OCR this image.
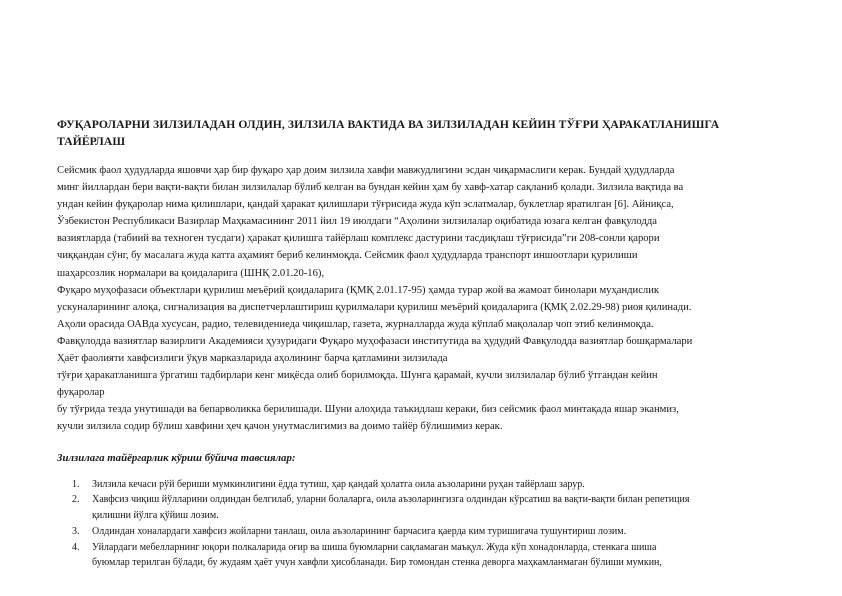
ФУҚАРОЛАРНИ ЗИЛЗИЛАДАН ОЛДИН, ЗИЛЗИЛА ВАКТИДА ВА ЗИЛЗИЛАДАН КЕЙИН ТЎҒРИ ҲАРАКАТЛАНИШГА
ТАЙЁРЛАШ
Сейсмик фаол ҳудудларда яшовчи ҳар бир фуқаро ҳар доим зилзила хавфи мавжудлигини эсдан чиқармаслиги керак. Бундай ҳудудларда
минг йиллардан бери вақти-вақти билан зилзилалар бўлиб келган ва бундан кейин ҳам бу хавф-хатар сақланиб қолади. Зилзила вақтида ва
ундан кейин фуқаролар нима қилишлари, қандай ҳаракат қилишлари тўғрисида жуда кўп эслатмалар, буклетлар яратилган [6]. Айниқса,
Ўзбекистон Республикаси Вазирлар Маҳкамасининг 2011 йил 19 июлдаги “Аҳолини зилзилалар оқибатида юзага келган фавқулодда
вазиятларда (табиий ва техноген тусдаги) ҳаракат қилишга тайёрлаш комплекс дастурини тасдиқлаш тўғрисида”ги 208-сонли қарори
чиққандан сўнг, бу масалага жуда катта аҳамият бериб келинмоқда. Сейсмик фаол ҳудудларда транспорт иншоотлари қурилиши
шаҳарсозлик нормалари ва қоидаларига (ШНҚ 2.01.20-16),
Фуқаро муҳофазаси объектлари қурилиш меъёрий қоидаларига (ҚМҚ 2.01.17-95) ҳамда турар жой ва жамоат бинолари муҳандислик
ускуналарининг алоқа, сигнализация ва диспетчерлаштириш қурилмалари қурилиш меъёрий қоидаларига (ҚМҚ 2.02.29-98) риоя қилинади.
Аҳоли орасида ОАВда хусусан, радио, телевидениеда чиқишлар, газета, журналларда жуда кўплаб мақолалар чоп этиб келинмоқда.
Фавқулодда вазиятлар вазирлиги Академияси ҳузуридаги Фуқаро муҳофазаси институтида ва ҳудудий Фавқулодда вазиятлар бошқармалари
Ҳаёт фаолияти хавфсизлиги ўқув марказларида аҳолининг барча қатламини зилзилада
тўғри ҳаракатланишга ўргатиш тадбирлари кенг миқёсда олиб борилмоқда. Шунга қарамай, кучли зилзилалар бўлиб ўтгандан кейин
фуқаролар
бу тўғрида тезда унутишади ва бепарволикка берилишади. Шуни алоҳида таъкидлаш кераки, биз сейсмик фаол минтақада яшар эканмиз,
кучли зилзила содир бўлиш хавфини ҳеч қачон унутмаслигимиз ва доимо тайёр бўлишимиз керак.
Зилзилага тайёргарлик кўриш бўйича тавсиялар:
1. Зилзила кечаси рўй бериши мумкинлигини ёдда тутиш, ҳар қандай ҳолатга оила аъзоларини руҳан тайёрлаш зарур.
2. Хавфсиз чиқиш йўлларини олдиндан белгилаб, уларни болаларга, оила аъзоларингизга олдиндан кўрсатиш ва вақти-вақти билан репетиция
қилишни йўлга қўйиш лозим.
3. Олдиндан хоналардаги хавфсиз жойларни танлаш, оила аъзоларининг барчасига қаерда ким туришигача тушунтириш лозим.
4. Уйлардаги мебелларнинг юқори полкаларида оғир ва шиша буюмларни сақламаган маъқул. Жуда кўп хонадонларда, стенкага шиша
буюмлар терилган бўлади, бу жудаям ҳаёт учун хавфли ҳисобланади. Бир томондан стенка деворга маҳкамланмаган бўлиши мумкин,
